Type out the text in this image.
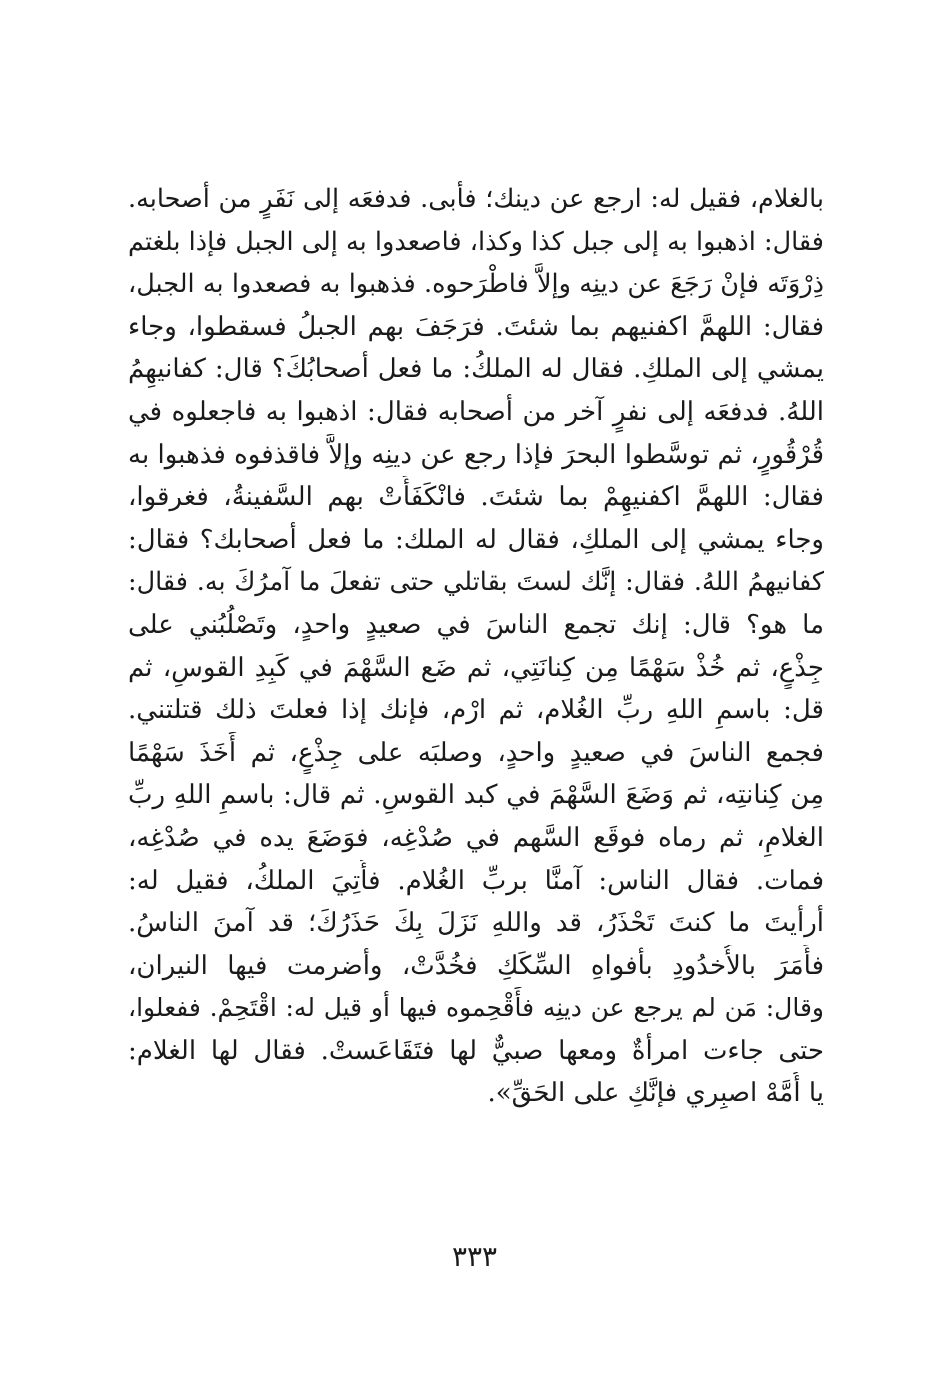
بالغلام، فقيل له: ارجع عن دينك؛ فأبى. فدفعَه إلى نَفَرٍ من أصحابه.
فقال: اذهبوا به إلى جبل كذا وكذا، فاصعدوا به إلى الجبل فإذا بلغتم
ذِرْوَتَه فإنْ رَجَعَ عن دينِه وإلاَّ فاطْرَحوه. فذهبوا به فصعدوا به الجبل،
فقال: اللهمَّ اكفنيهم بما شئتَ. فرَجَفَ بهم الجبلُ فسقطوا، وجاء
يمشي إلى الملكِ. فقال له الملكُ: ما فعل أصحابُكَ؟ قال: كفانيهِمُ
اللهُ. فدفعَه إلى نفرٍ آخر من أصحابه فقال: اذهبوا به فاجعلوه في
قُرْقُورٍ، ثم توسَّطوا البحرَ فإذا رجع عن دينِه وإلاَّ فاقذفوه فذهبوا به
فقال: اللهمَّ اكفنيهِمْ بما شئتَ. فانْكَفَأَتْ بهم السَّفينةُ، فغرقوا،
وجاء يمشي إلى الملكِ، فقال له الملك: ما فعل أصحابك؟ فقال:
كفانيهمُ اللهُ. فقال: إنَّك لستَ بقاتلي حتى تفعلَ ما آمرُكَ به. فقال:
ما هو؟ قال: إنك تجمع الناسَ في صعيدٍ واحدٍ، وتَصْلُبُني على
جِذْعٍ، ثم خُذْ سَهْمًا مِن كِنانَتِي، ثم ضَع السَّهْمَ في كَبِدِ القوسِ، ثم
قل: باسمِ اللهِ ربِّ الغُلام، ثم ارْم، فإنك إذا فعلتَ ذلك قتلتني.
فجمع الناسَ في صعيدٍ واحدٍ، وصلبَه على جِذْعٍ، ثم أَخَذَ سَهْمًا
مِن كِنانتِه، ثم وَضَعَ السَّهْمَ في كبد القوسِ. ثم قال: باسمِ اللهِ ربِّ
الغلامِ، ثم رماه فوقَع السَّهم في صُدْغِه، فوَضَعَ يده في صُدْغِه،
فمات. فقال الناس: آمنَّا بربِّ الغُلام. فأُتِيَ الملكُ، فقيل له:
أرأيتَ ما كنتَ تَحْذَرُ، قد واللهِ نَزَلَ بِكَ حَذَرُكَ؛ قد آمنَ الناسُ.
فأَمَرَ بالأُخدُودِ بأفواهِ السِّكَكِ فخُدَّتْ، وأضرمت فيها النيران،
وقال: مَن لم يرجع عن دينِه فأَقْحِموه فيها أو قيل له: اقْتَحِمْ. ففعلوا،
حتى جاءت امرأةٌ ومعها صبيٌّ لها فتَقَاعَستْ. فقال لها الغلام:
يا أُمَّهْ اصبِري فإنَّكِ على الحَقِّ».
٣٣٣
